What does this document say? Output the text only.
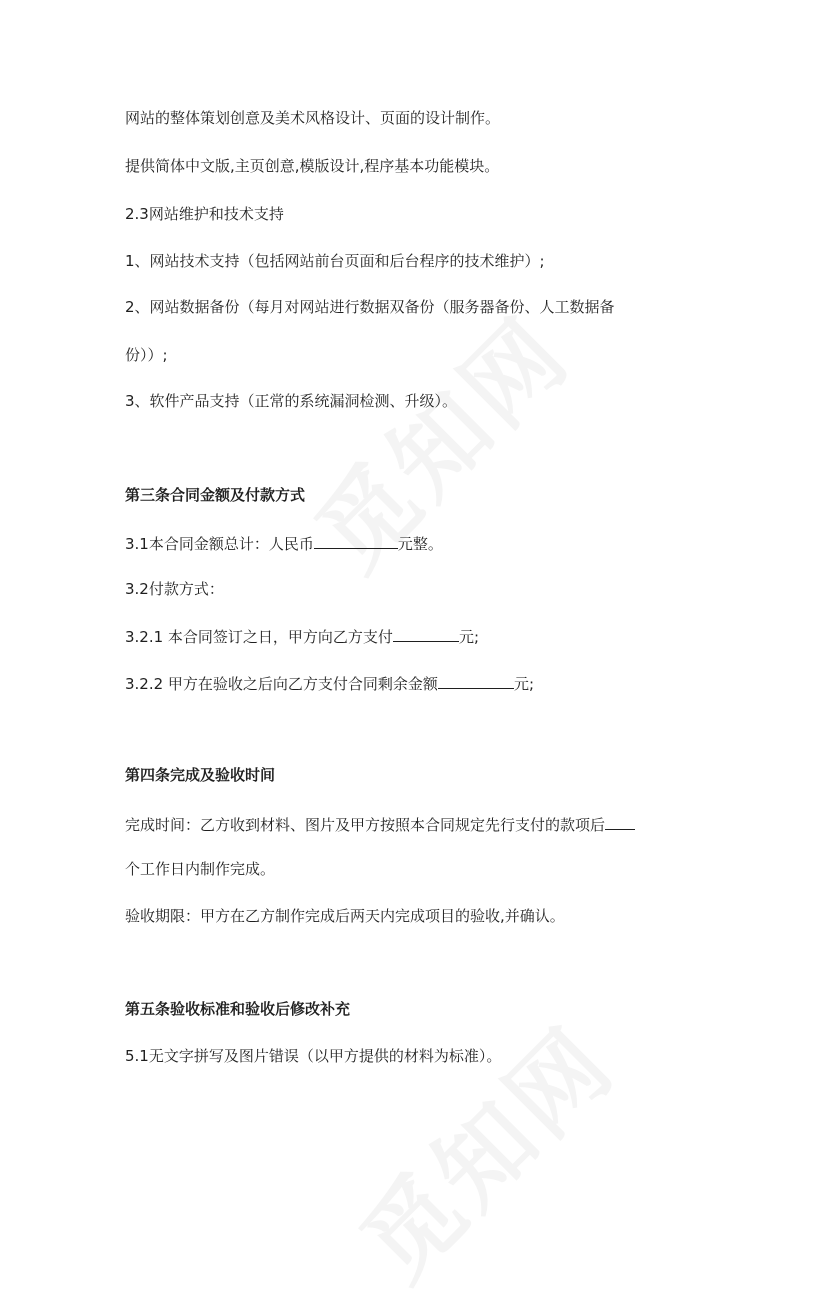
网站的整体策划创意及美术风格设计、页面的设计制作。
提供简体中文版,主页创意,模版设计,程序基本功能模块。
2.3网站维护和技术支持
1、网站技术支持（包括网站前台页面和后台程序的技术维护）;
2、网站数据备份（每月对网站进行数据双备份（服务器备份、人工数据备
份））;
3、软件产品支持（正常的系统漏洞检测、升级）。
第三条合同金额及付款方式
3.1本合同金额总计：人民币	元整。
3.2付款方式：
3.2.1 本合同签订之日，甲方向乙方支付	元;
3.2.2 甲方在验收之后向乙方支付合同剩余金额	元;
第四条完成及验收时间
完成时间：乙方收到材料、图片及甲方按照本合同规定先行支付的款项后
个工作日内制作完成。
验收期限：甲方在乙方制作完成后两天内完成项目的验收,并确认。
第五条验收标准和验收后修改补充
5.1无文字拼写及图片错误（以甲方提供的材料为标准）。
